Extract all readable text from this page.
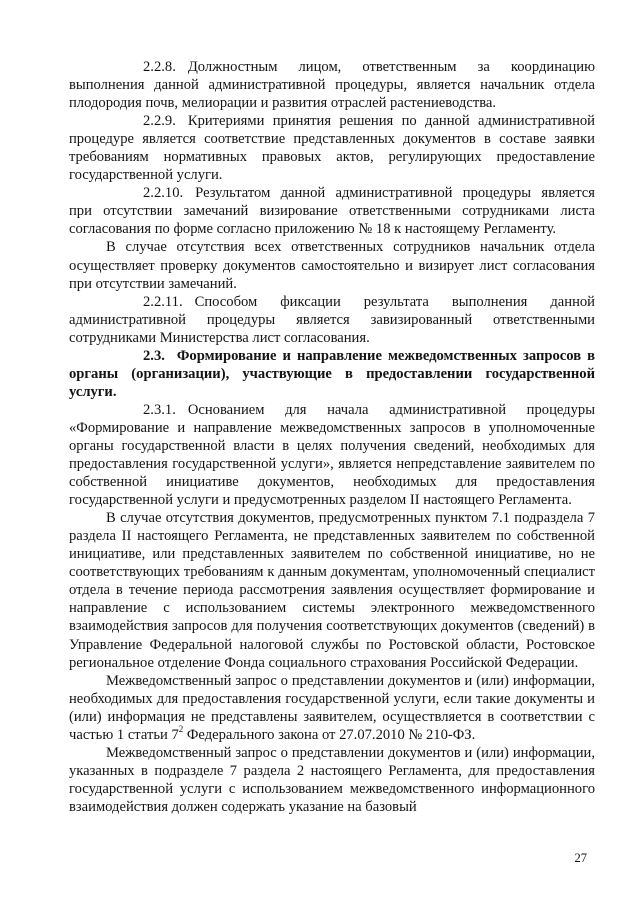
2.2.8. Должностным лицом, ответственным за координацию выполнения данной административной процедуры, является начальник отдела плодородия почв, мелиорации и развития отраслей растениеводства.

2.2.9. Критериями принятия решения по данной административной процедуре является соответствие представленных документов в составе заявки требованиям нормативных правовых актов, регулирующих предоставление государственной услуги.

2.2.10. Результатом данной административной процедуры является при отсутствии замечаний визирование ответственными сотрудниками листа согласования по форме согласно приложению № 18 к настоящему Регламенту.

В случае отсутствия всех ответственных сотрудников начальник отдела осуществляет проверку документов самостоятельно и визирует лист согласования при отсутствии замечаний.

2.2.11. Способом фиксации результата выполнения данной административной процедуры является завизированный ответственными сотрудниками Министерства лист согласования.

2.3. Формирование и направление межведомственных запросов в органы (организации), участвующие в предоставлении государственной услуги.

2.3.1. Основанием для начала административной процедуры «Формирование и направление межведомственных запросов в уполномоченные органы государственной власти в целях получения сведений, необходимых для предоставления государственной услуги», является непредставление заявителем по собственной инициативе документов, необходимых для предоставления государственной услуги и предусмотренных разделом II настоящего Регламента.

В случае отсутствия документов, предусмотренных пунктом 7.1 подраздела 7 раздела II настоящего Регламента, не представленных заявителем по собственной инициативе, или представленных заявителем по собственной инициативе, но не соответствующих требованиям к данным документам, уполномоченный специалист отдела в течение периода рассмотрения заявления осуществляет формирование и направление с использованием системы электронного межведомственного взаимодействия запросов для получения соответствующих документов (сведений) в Управление Федеральной налоговой службы по Ростовской области, Ростовское региональное отделение Фонда социального страхования Российской Федерации.

Межведомственный запрос о представлении документов и (или) информации, необходимых для предоставления государственной услуги, если такие документы и (или) информация не представлены заявителем, осуществляется в соответствии с частью 1 статьи $7^2$ Федерального закона от 27.07.2010 № 210-ФЗ.

Межведомственный запрос о представлении документов и (или) информации, указанных в подразделе 7 раздела 2 настоящего Регламента, для предоставления государственной услуги с использованием межведомственного информационного взаимодействия должен содержать указание на базовый

27
